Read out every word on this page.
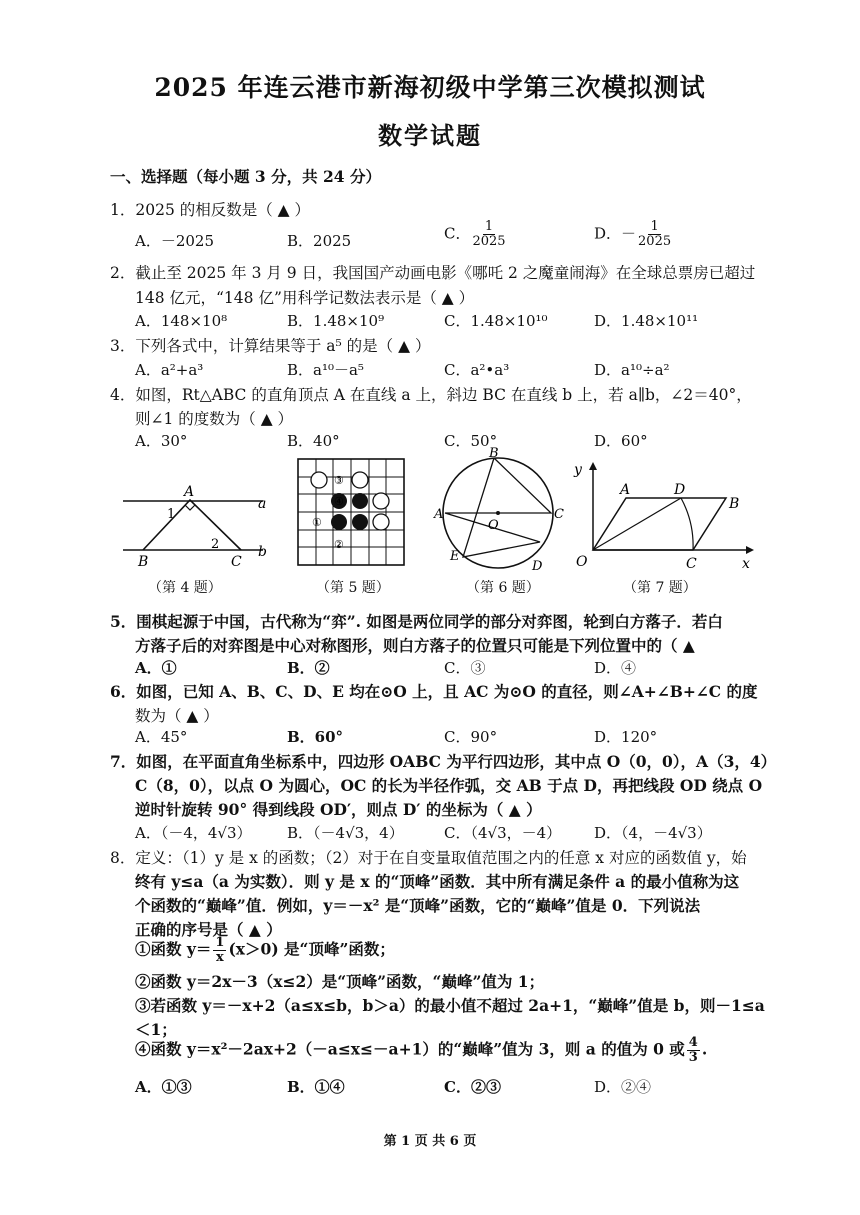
2025 年连云港市新海初级中学第三次模拟测试
数学试题
一、选择题（每小题 3 分，共 24 分）
1．2025 的相反数是（ ▲ ）
A．－2025	B．2025	C． $\frac{1}{2025}$	D．－ $\frac{1}{2025}$
2．截止至 2025 年 3 月 9 日，我国国产动画电影《哪吒 2 之魔童闹海》在全球总票房已超过
148 亿元，“148 亿”用科学记数法表示是（ ▲ ）
A．148×10⁸	B．1.48×10⁹	C．1.48×10¹⁰	D．1.48×10¹¹
3．下列各式中，计算结果等于 a⁵ 的是（ ▲ ）
A．a²+a³	B．a¹⁰－a⁵	C．a²•a³	D．a¹⁰÷a²
4．如图，Rt△ABC 的直角顶点 A 在直线 a 上，斜边 BC 在直线 b 上，若 a∥b，∠2＝40°，
则∠1 的度数为（ ▲ ）
A．30°	B．40°	C．50°	D．60°
A
a
1
2
B	C
b
（第 4 题）
③
④
①
②
（第 5 题）
B
A	C
E
D
O
（第 6 题）
y
x
O
A	D
B
C
（第 7 题）
5．围棋起源于中国，古代称为“弈”. 如图是两位同学的部分对弈图，轮到白方落子．若白
方落子后的对弈图是中心对称图形，则白方落子的位置只可能是下列位置中的（ ▲
A．①	B．②	C．③	D．④
6．如图，已知 A、B、C、D、E 均在⊙O 上，且 AC 为⊙O 的直径，则∠A+∠B+∠C 的度
数为（ ▲ ）
A．45°	B．60°	C．90°	D．120°
7．如图，在平面直角坐标系中，四边形 OABC 为平行四边形，其中点 O（0，0），A（3，4）
C（8，0），以点 O 为圆心，OC 的长为半径作弧，交 AB 于点 D，再把线段 OD 绕点 O
逆时针旋转 90° 得到线段 OD′，则点 D′ 的坐标为（ ▲ ）
A．（－4，4√3） B．（－4√3，4）	C．（4√3，－4） D．（4，－4√3）
8．定义：（1）y 是 x 的函数；（2）对于在自变量取值范围之内的任意 x 对应的函数值 y，始
终有 y≤a（a 为实数）．则 y 是 x 的“顶峰”函数．其中所有满足条件 a 的最小值称为这
个函数的“巅峰”值．例如，y＝－x² 是“顶峰”函数，它的“巅峰”值是 0．下列说法
正确的序号是（ ▲ ）
①函数 $y= \frac{1}{x} (x>0)$ 是“顶峰”函数；
②函数 y＝2x－3（x≤2）是“顶峰”函数，“巅峰”值为 1；
③若函数 y＝－x+2（a≤x≤b，b＞a）的最小值不超过 2a+1，“巅峰”值是 b，则－1≤a
＜1；
④函数 y＝x²－2ax+2（－a≤x≤－a+1）的“巅峰”值为 3，则 a 的值为 0 或 $\frac{4}{3}$ .
A．①③	B．①④	C．②③	D．②④
第 1 页 共 6 页
